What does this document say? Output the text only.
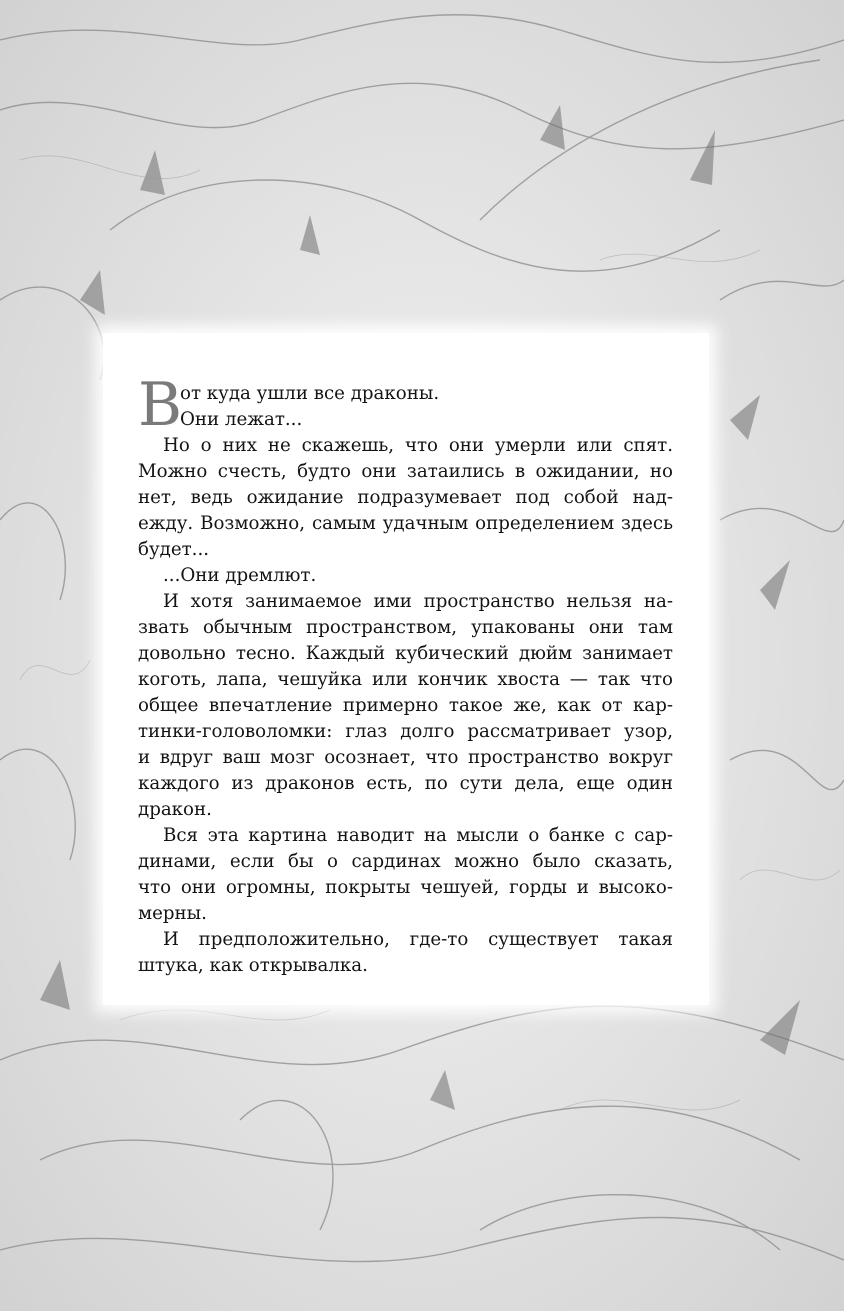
В
от куда ушли все драконы.
Они лежат...
Но о них не скажешь, что они умерли или спят.
Можно счесть, будто они затаились в ожидании, но
нет, ведь ожидание подразумевает под собой над-
ежду. Возможно, самым удачным определением здесь
будет...
...Они дремлют.
И хотя занимаемое ими пространство нельзя на-
звать обычным пространством, упакованы они там
довольно тесно. Каждый кубический дюйм занимает
коготь, лапа, чешуйка или кончик хвоста — так что
общее впечатление примерно такое же, как от кар-
тинки-головоломки: глаз долго рассматривает узор,
и вдруг ваш мозг осознает, что пространство вокруг
каждого из драконов есть, по сути дела, еще один
дракон.
Вся эта картина наводит на мысли о банке с сар-
динами, если бы о сардинах можно было сказать,
что они огромны, покрыты чешуей, горды и высоко-
мерны.
И предположительно, где-то существует такая
штука, как открывалка.
